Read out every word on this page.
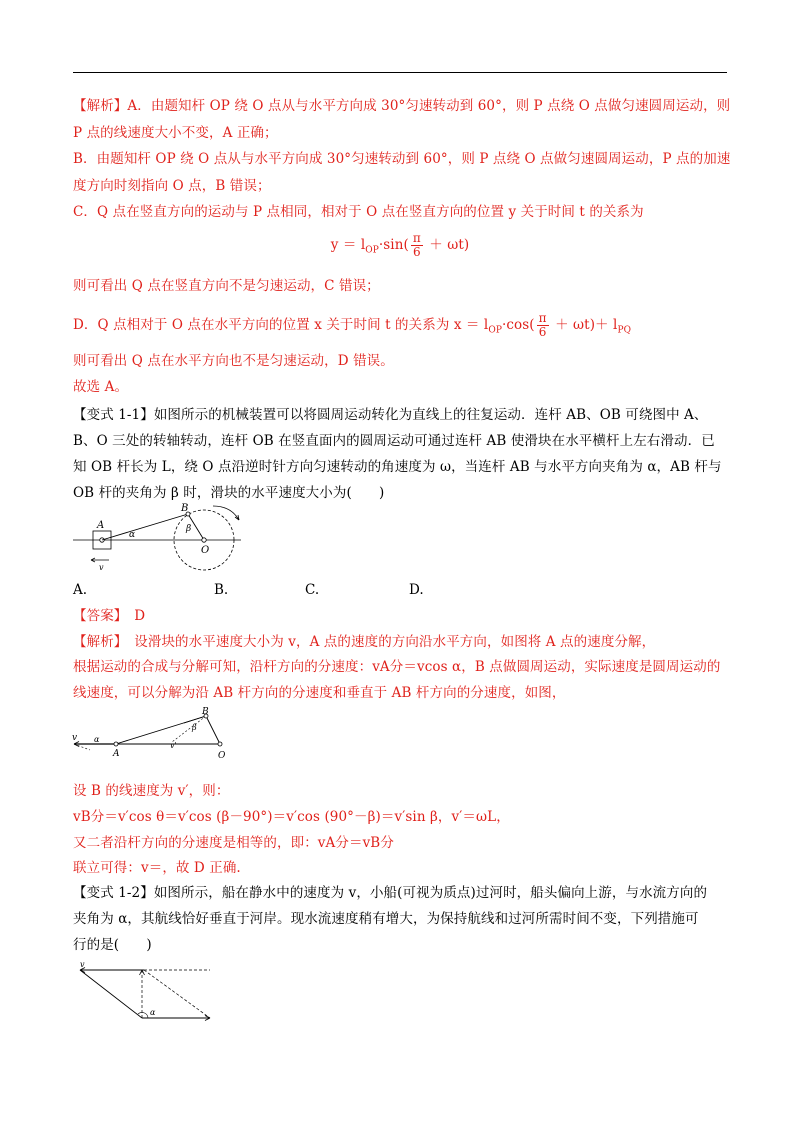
【解析】A．由题知杆 OP 绕 O 点从与水平方向成 30°匀速转动到 60°，则 P 点绕 O 点做匀速圆周运动，则
P 点的线速度大小不变，A 正确；
B．由题知杆 OP 绕 O 点从与水平方向成 30°匀速转动到 60°，则 P 点绕 O 点做匀速圆周运动，P 点的加速
度方向时刻指向 O 点，B 错误；
C．Q 点在竖直方向的运动与 P 点相同，相对于 O 点在竖直方向的位置 y 关于时间 t 的关系为
$y = l_{OP}\cdot\sin( \frac{\pi}{6} + \omega t)$
则可看出 Q 点在竖直方向不是匀速运动，C 错误；
D．Q 点相对于 O 点在水平方向的位置 x 关于时间 t 的关系为 $x = l_{OP}\cdot\cos( \frac{\pi}{6} + \omega t)+ l_{PQ}$
则可看出 Q 点在水平方向也不是匀速运动，D 错误。
故选 A。
【变式 1-1】如图所示的机械装置可以将圆周运动转化为直线上的往复运动．连杆 AB、OB 可绕图中 A、
B、O 三处的转轴转动，连杆 OB 在竖直面内的圆周运动可通过连杆 AB 使滑块在水平横杆上左右滑动．已
知 OB 杆长为 L，绕 O 点沿逆时针方向匀速转动的角速度为 ω，当连杆 AB 与水平方向夹角为 α，AB 杆与
OB 杆的夹角为 β 时，滑块的水平速度大小为(　　)
A
B
O
α
β
v
A.	B.	C.	D.
【答案】　D
【解析】　设滑块的水平速度大小为 v，A 点的速度的方向沿水平方向，如图将 A 点的速度分解，
根据运动的合成与分解可知，沿杆方向的分速度：vA分＝vcos α，B 点做圆周运动，实际速度是圆周运动的
线速度，可以分解为沿 AB 杆方向的分速度和垂直于 AB 杆方向的分速度，如图，
v α
A
B
O
β
v'
设 B 的线速度为 v′，则：
vB分＝v′cos θ＝v′cos (β－90°)＝v′cos (90°－β)＝v′sin β，v′＝ωL，
又二者沿杆方向的分速度是相等的，即：vA分＝vB分
联立可得：v＝，故 D 正确.
【变式 1-2】如图所示，船在静水中的速度为 v，小船(可视为质点)过河时，船头偏向上游，与水流方向的
夹角为 α，其航线恰好垂直于河岸。现水流速度稍有增大，为保持航线和过河所需时间不变，下列措施可
行的是(　　)
v
α
